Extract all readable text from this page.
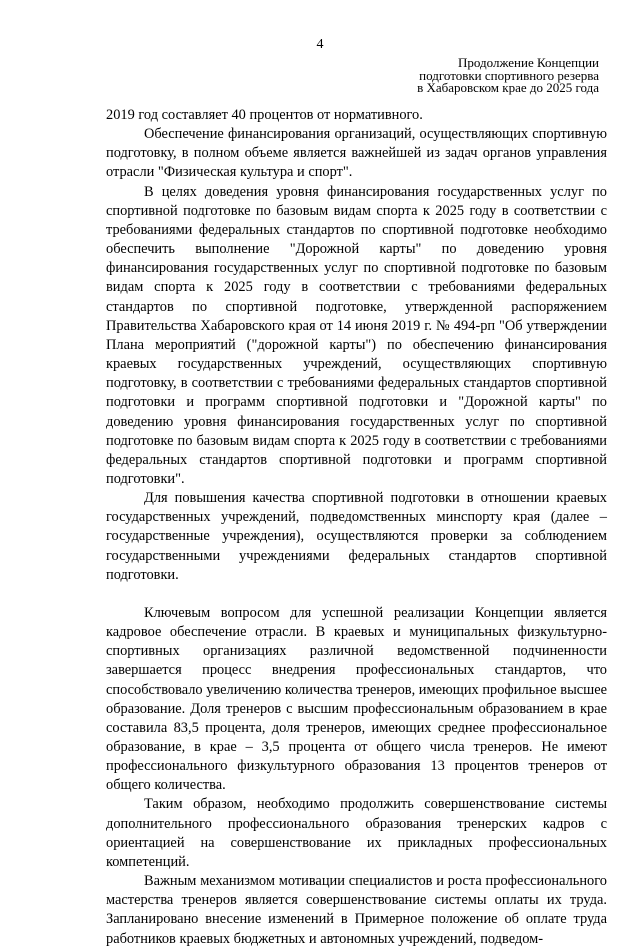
4
Продолжение Концепции
подготовки спортивного резерва
в Хабаровском крае до 2025 года

2019 год составляет 40 процентов от нормативного.

Обеспечение финансирования организаций, осуществляющих спортивную подготовку, в полном объеме является важнейшей из задач органов управления отрасли "Физическая культура и спорт".

В целях доведения уровня финансирования государственных услуг по спортивной подготовке по базовым видам спорта к 2025 году в соответствии с требованиями федеральных стандартов по спортивной подготовке необходимо обеспечить выполнение "Дорожной карты" по доведению уровня финансирования государственных услуг по спортивной подготовке по базовым видам спорта к 2025 году в соответствии с требованиями федеральных стандартов по спортивной подготовке, утвержденной распоряжением Правительства Хабаровского края от 14 июня 2019 г. № 494-рп "Об утверждении Плана мероприятий ("дорожной карты") по обеспечению финансирования краевых государственных учреждений, осуществляющих спортивную подготовку, в соответствии с требованиями федеральных стандартов спортивной подготовки и программ спортивной подготовки и "Дорожной карты" по доведению уровня финансирования государственных услуг по спортивной подготовке по базовым видам спорта к 2025 году в соответствии с требованиями федеральных стандартов спортивной подготовки и программ спортивной подготовки".

Для повышения качества спортивной подготовки в отношении краевых государственных учреждений, подведомственных минспорту края (далее – государственные учреждения), осуществляются проверки за соблюдением государственными учреждениями федеральных стандартов спортивной подготовки.

Ключевым вопросом для успешной реализации Концепции является кадровое обеспечение отрасли. В краевых и муниципальных физкультурно-спортивных организациях различной ведомственной подчиненности завершается процесс внедрения профессиональных стандартов, что способствовало увеличению количества тренеров, имеющих профильное высшее образование. Доля тренеров с высшим профессиональным образованием в крае составила 83,5 процента, доля тренеров, имеющих среднее профессиональное образование, в крае – 3,5 процента от общего числа тренеров. Не имеют профессионального физкультурного образования 13 процентов тренеров от общего количества.

Таким образом, необходимо продолжить совершенствование системы дополнительного профессионального образования тренерских кадров с ориентацией на совершенствование их прикладных профессиональных компетенций.

Важным механизмом мотивации специалистов и роста профессионального мастерства тренеров является совершенствование системы оплаты их труда. Запланировано внесение изменений в Примерное положение об оплате труда работников краевых бюджетных и автономных учреждений, подведом-
